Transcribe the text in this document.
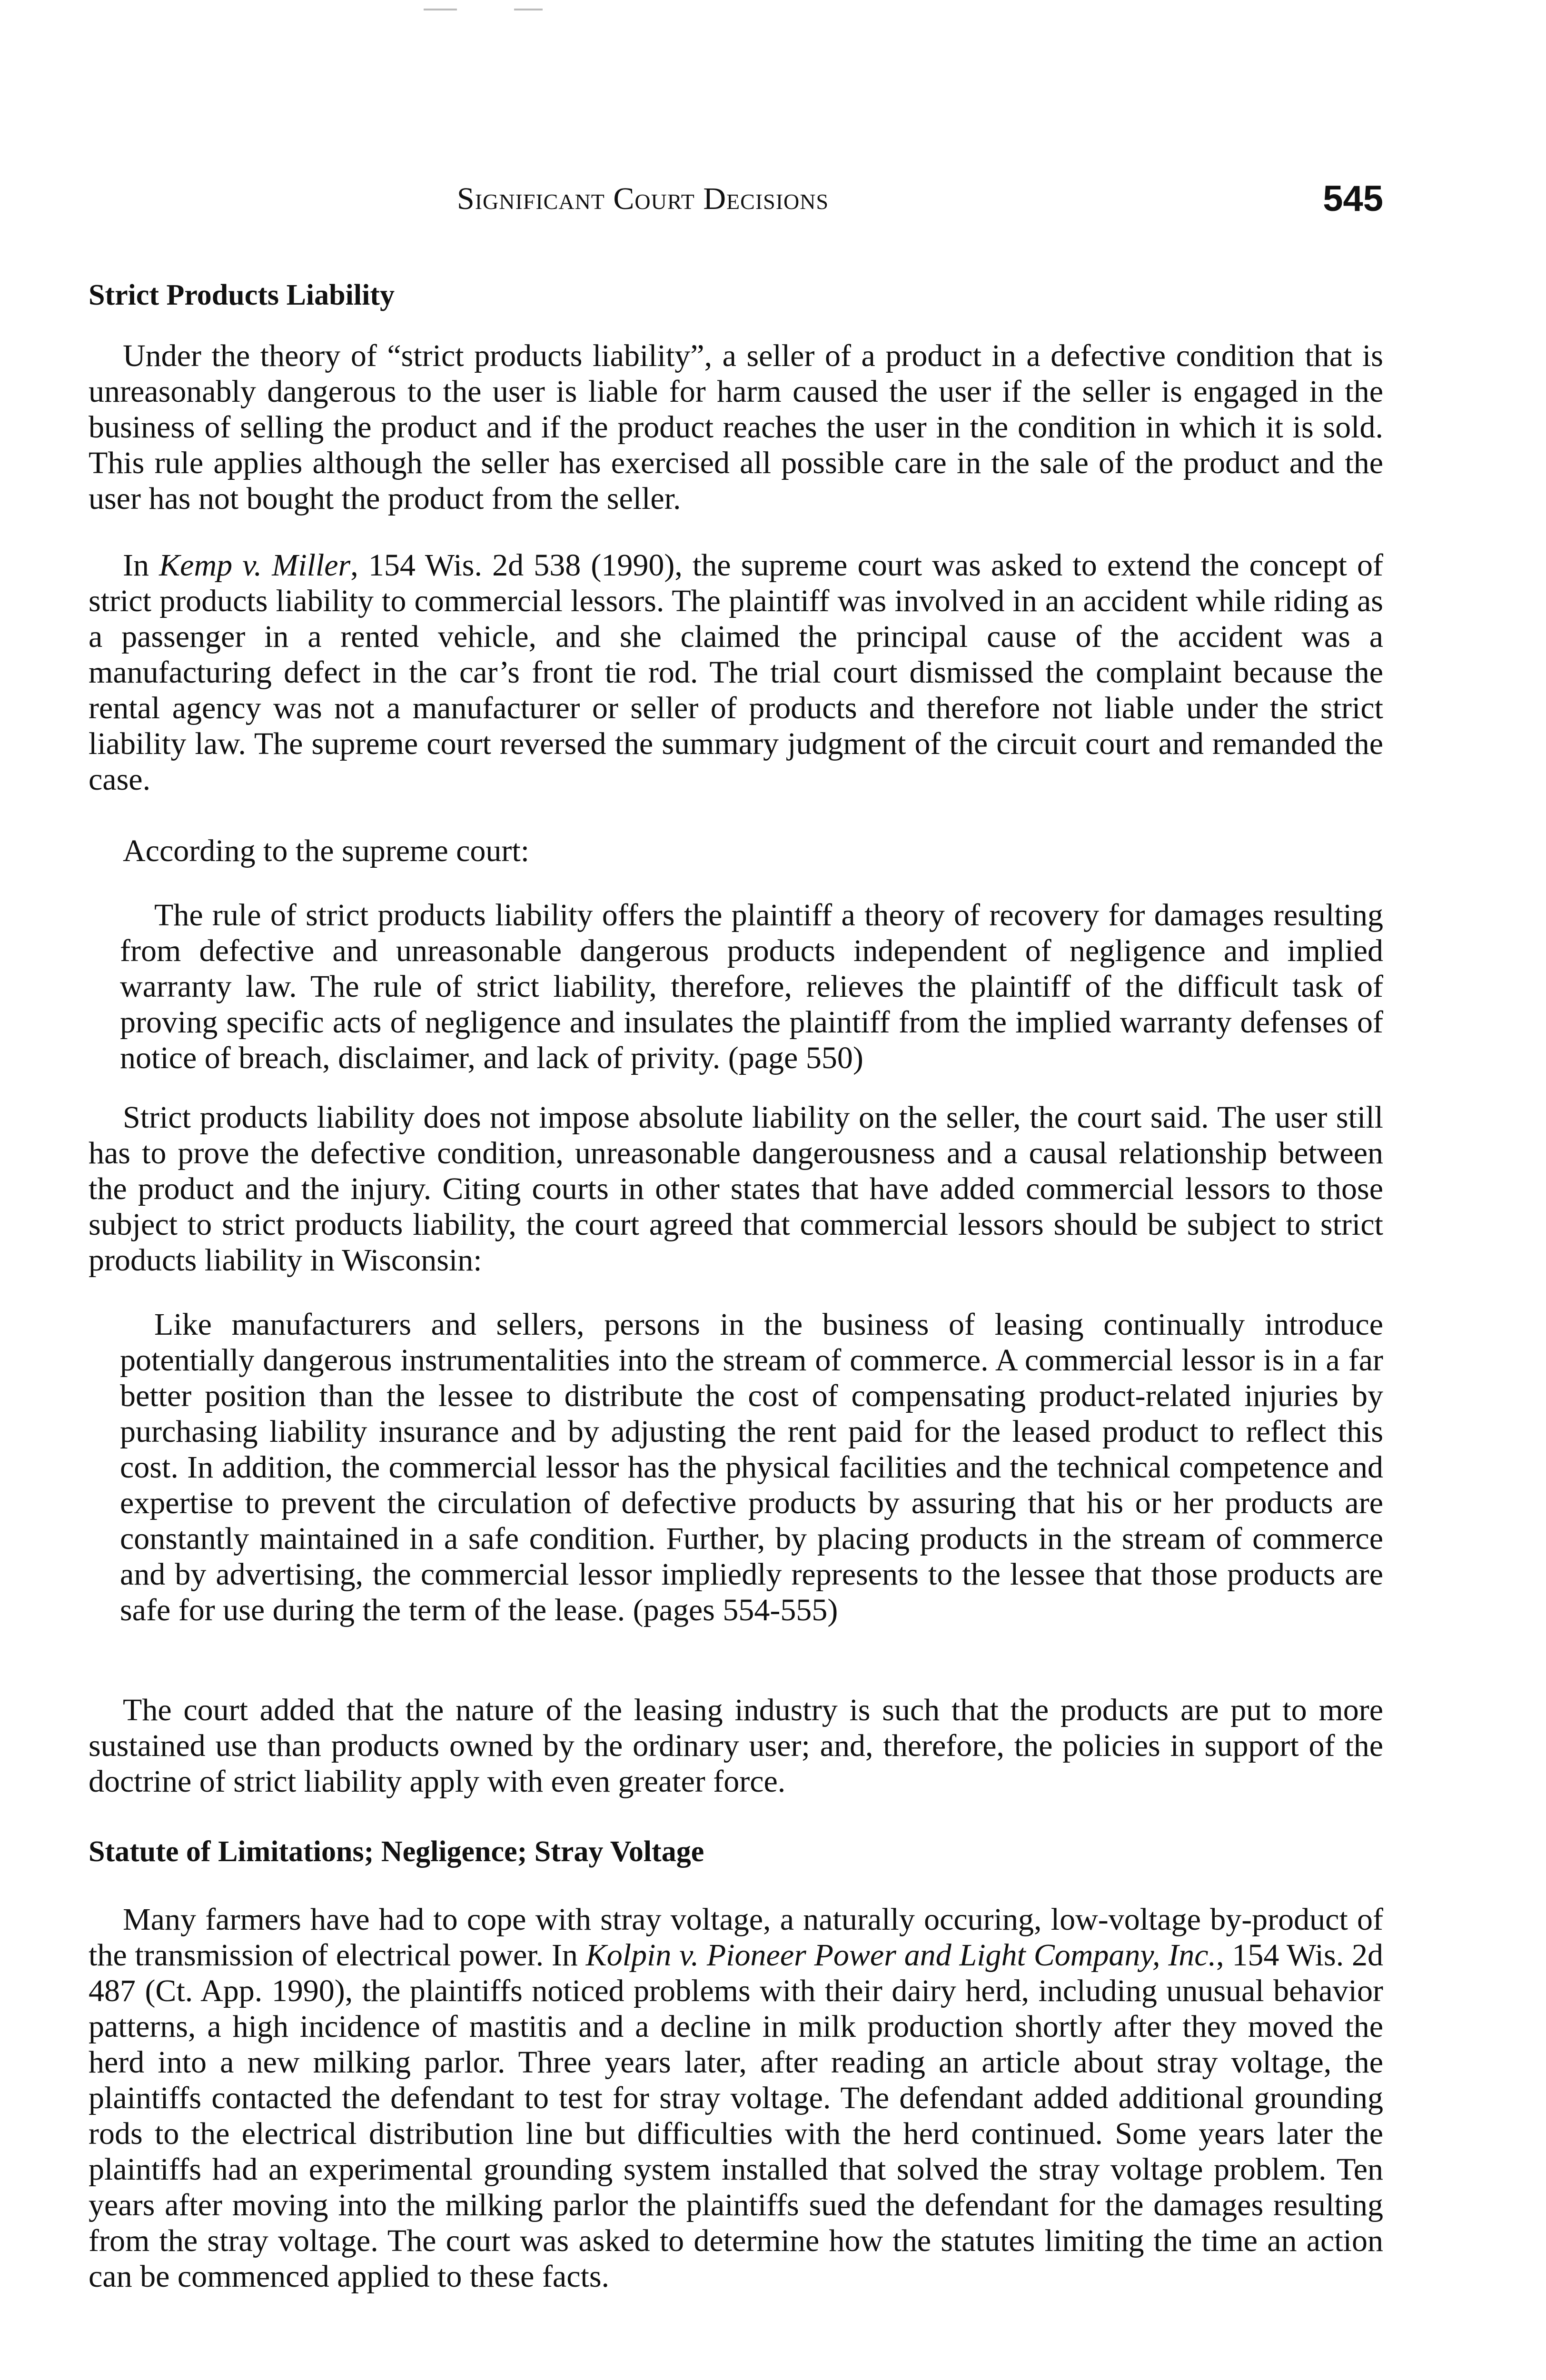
Significant Court Decisions	545
Strict Products Liability

Under the theory of “strict products liability”, a seller of a product in a defective condition that is unreasonably dangerous to the user is liable for harm caused the user if the seller is engaged in the business of selling the product and if the product reaches the user in the condition in which it is sold. This rule applies although the seller has exercised all possible care in the sale of the product and the user has not bought the product from the seller.

In Kemp v. Miller, 154 Wis. 2d 538 (1990), the supreme court was asked to extend the concept of strict products liability to commercial lessors. The plaintiff was involved in an accident while riding as a passenger in a rented vehicle, and she claimed the principal cause of the accident was a manufacturing defect in the car’s front tie rod. The trial court dismissed the complaint because the rental agency was not a manufacturer or seller of products and therefore not liable under the strict liability law. The supreme court reversed the summary judgment of the circuit court and remanded the case.

According to the supreme court:

The rule of strict products liability offers the plaintiff a theory of recovery for damages resulting from defective and unreasonable dangerous products independent of negligence and implied warranty law. The rule of strict liability, therefore, relieves the plaintiff of the difficult task of proving specific acts of negligence and insulates the plaintiff from the implied warranty defenses of notice of breach, disclaimer, and lack of privity. (page 550)

Strict products liability does not impose absolute liability on the seller, the court said. The user still has to prove the defective condition, unreasonable dangerousness and a causal relationship between the product and the injury. Citing courts in other states that have added commercial lessors to those subject to strict products liability, the court agreed that commercial lessors should be subject to strict products liability in Wisconsin:

Like manufacturers and sellers, persons in the business of leasing continually introduce potentially dangerous instrumentalities into the stream of commerce. A commercial lessor is in a far better position than the lessee to distribute the cost of compensating product-related injuries by purchasing liability insurance and by adjusting the rent paid for the leased product to reflect this cost. In addition, the commercial lessor has the physical facilities and the technical competence and expertise to prevent the circulation of defective products by assuring that his or her products are constantly maintained in a safe condition. Further, by placing products in the stream of commerce and by advertising, the commercial lessor impliedly represents to the lessee that those products are safe for use during the term of the lease. (pages 554-555)

The court added that the nature of the leasing industry is such that the products are put to more sustained use than products owned by the ordinary user; and, therefore, the policies in support of the doctrine of strict liability apply with even greater force.

Statute of Limitations; Negligence; Stray Voltage

Many farmers have had to cope with stray voltage, a naturally occuring, low-voltage by-product of the transmission of electrical power. In Kolpin v. Pioneer Power and Light Company, Inc., 154 Wis. 2d 487 (Ct. App. 1990), the plaintiffs noticed problems with their dairy herd, including unusual behavior patterns, a high incidence of mastitis and a decline in milk production shortly after they moved the herd into a new milking parlor. Three years later, after reading an article about stray voltage, the plaintiffs contacted the defendant to test for stray voltage. The defendant added additional grounding rods to the electrical distribution line but difficulties with the herd continued. Some years later the plaintiffs had an experimental grounding system installed that solved the stray voltage problem. Ten years after moving into the milking parlor the plaintiffs sued the defendant for the damages resulting from the stray voltage. The court was asked to determine how the statutes limiting the time an action can be commenced applied to these facts.
